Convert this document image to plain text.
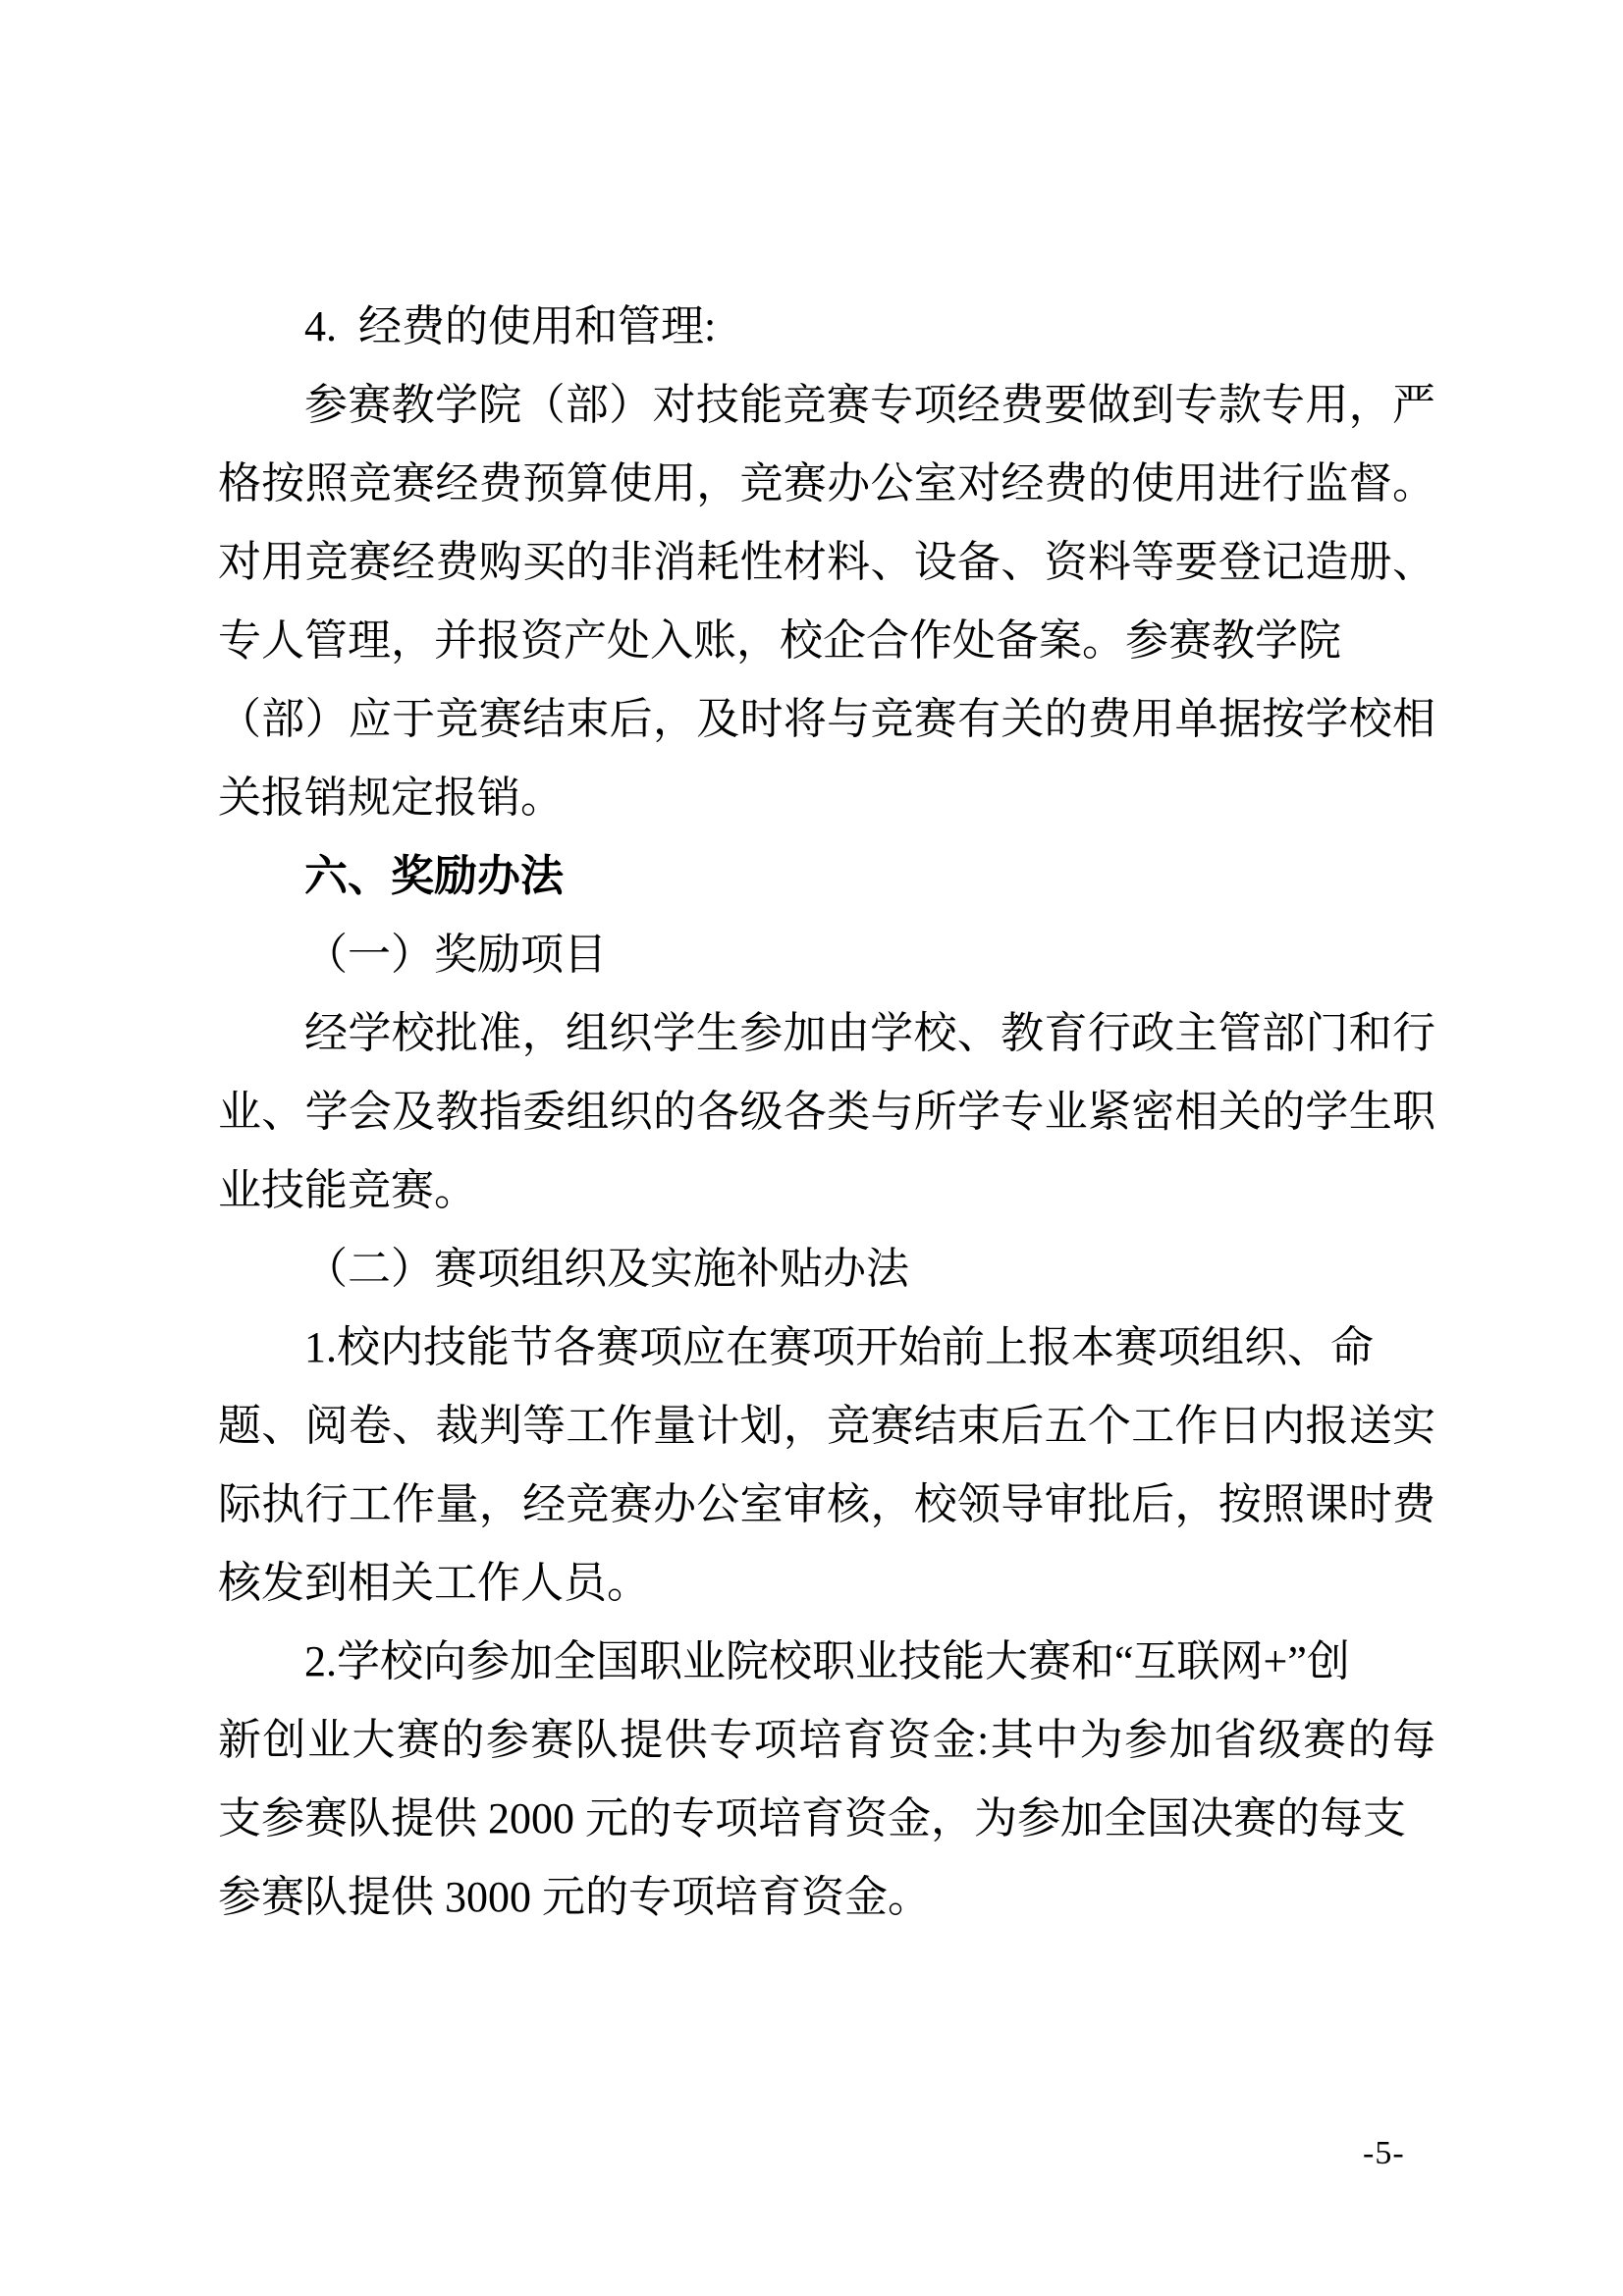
4.  经费的使用和管理:
参赛教学院（部）对技能竞赛专项经费要做到专款专用，严
格按照竞赛经费预算使用，竞赛办公室对经费的使用进行监督。
对用竞赛经费购买的非消耗性材料、设备、资料等要登记造册、
专人管理，并报资产处入账，校企合作处备案。参赛教学院
（部）应于竞赛结束后，及时将与竞赛有关的费用单据按学校相
关报销规定报销。
六、奖励办法
（一）奖励项目
经学校批准，组织学生参加由学校、教育行政主管部门和行
业、学会及教指委组织的各级各类与所学专业紧密相关的学生职
业技能竞赛。
（二）赛项组织及实施补贴办法
1.校内技能节各赛项应在赛项开始前上报本赛项组织、命
题、阅卷、裁判等工作量计划，竞赛结束后五个工作日内报送实
际执行工作量，经竞赛办公室审核，校领导审批后，按照课时费
核发到相关工作人员。
2.学校向参加全国职业院校职业技能大赛和“互联网+”创
新创业大赛的参赛队提供专项培育资金:其中为参加省级赛的每
支参赛队提供 2000 元的专项培育资金，为参加全国决赛的每支
参赛队提供 3000 元的专项培育资金。
-5-
